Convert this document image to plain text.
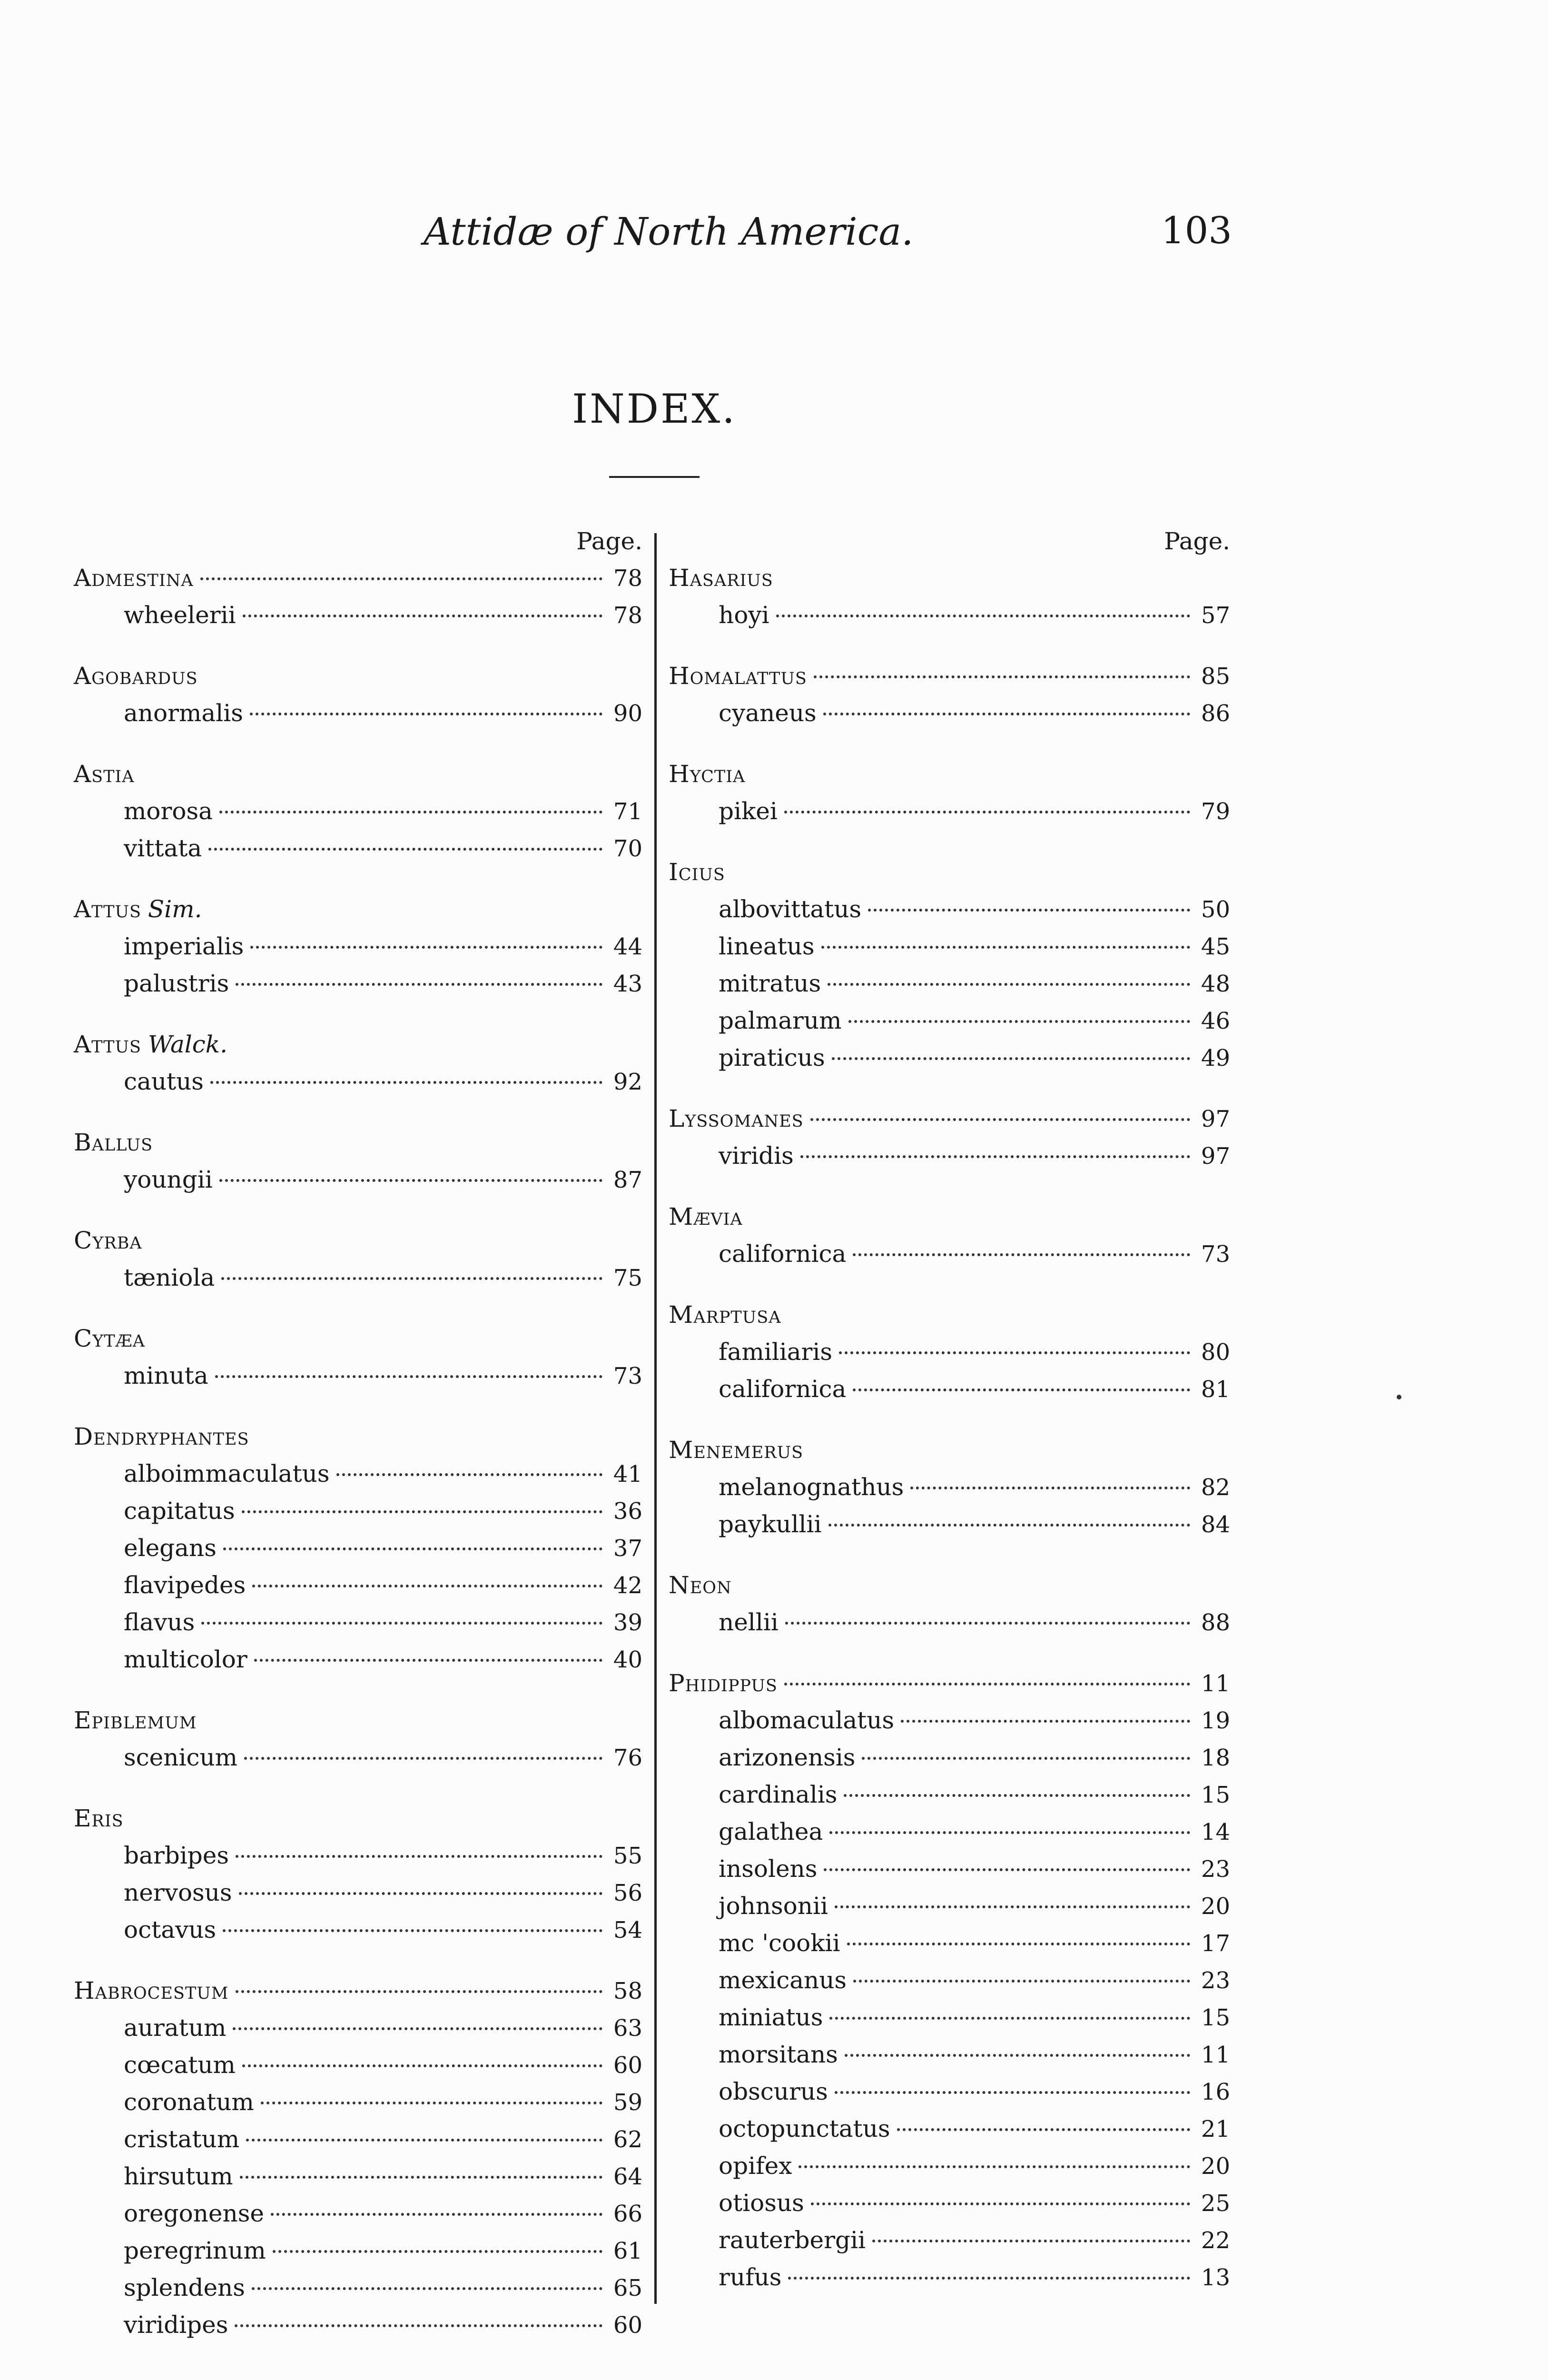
Attidæ of North America.	103
INDEX.
Page.
Admestina	78
wheelerii	78
Agobardus
anormalis	90
Astia
morosa	71
vittata	70
Attus Sim.
imperialis	44
palustris	43
Attus Walck.
cautus	92
Ballus
youngii	87
Cyrba
tæniola	75
Cytæa
minuta	73
Dendryphantes
alboimmaculatus	41
capitatus	36
elegans	37
flavipedes	42
flavus	39
multicolor	40
Epiblemum
scenicum	76
Eris
barbipes	55
nervosus	56
octavus	54
Habrocestum	58
auratum	63
cœcatum	60
coronatum	59
cristatum	62
hirsutum	64
oregonense	66
peregrinum	61
splendens	65
viridipes	60
Page.
Hasarius
hoyi	57
Homalattus	85
cyaneus	86
Hyctia
pikei	79
Icius
albovittatus	50
lineatus	45
mitratus	48
palmarum	46
piraticus	49
Lyssomanes	97
viridis	97
Mævia
californica	73
Marptusa
familiaris	80
californica	81
Menemerus
melanognathus	82
paykullii	84
Neon
nellii	88
Phidippus	11
albomaculatus	19
arizonensis	18
cardinalis	15
galathea	14
insolens	23
johnsonii	20
mc 'cookii	17
mexicanus	23
miniatus	15
morsitans	11
obscurus	16
octopunctatus	21
opifex	20
otiosus	25
rauterbergii	22
rufus	13
